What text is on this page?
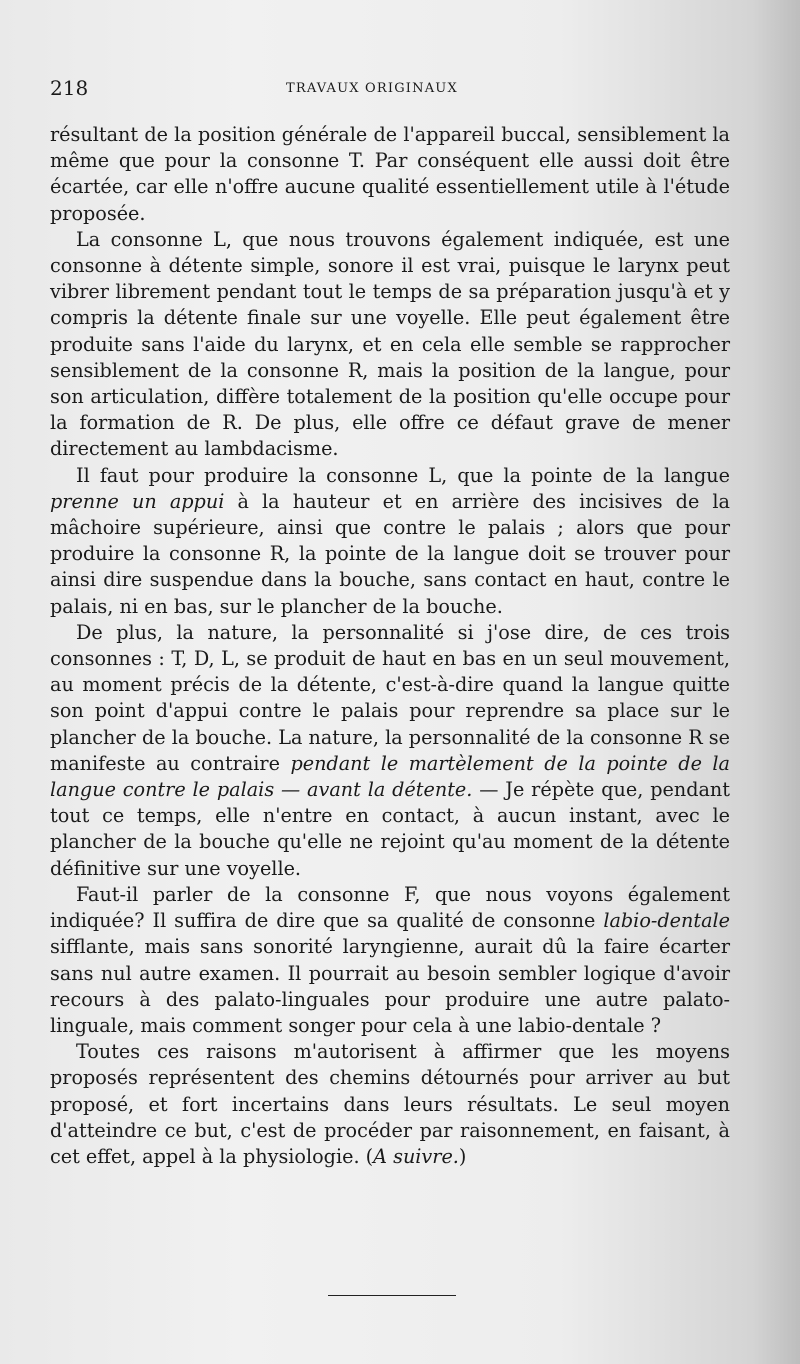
218	TRAVAUX ORIGINAUX

résultant de la position générale de l'appareil buccal, sensiblement la même que pour la consonne T. Par conséquent elle aussi doit être écartée, car elle n'offre aucune qualité essentiellement utile à l'étude proposée.

La consonne L, que nous trouvons également indiquée, est une consonne à détente simple, sonore il est vrai, puisque le larynx peut vibrer librement pendant tout le temps de sa préparation jusqu'à et y compris la détente finale sur une voyelle. Elle peut également être produite sans l'aide du larynx, et en cela elle semble se rapprocher sensiblement de la consonne R, mais la position de la langue, pour son articulation, diffère totalement de la position qu'elle occupe pour la formation de R. De plus, elle offre ce défaut grave de mener directement au lambdacisme.

Il faut pour produire la consonne L, que la pointe de la langue prenne un appui à la hauteur et en arrière des incisives de la mâchoire supérieure, ainsi que contre le palais ; alors que pour produire la consonne R, la pointe de la langue doit se trouver pour ainsi dire suspendue dans la bouche, sans contact en haut, contre le palais, ni en bas, sur le plancher de la bouche.

De plus, la nature, la personnalité si j'ose dire, de ces trois consonnes : T, D, L, se produit de haut en bas en un seul mouvement, au moment précis de la détente, c'est-à-dire quand la langue quitte son point d'appui contre le palais pour reprendre sa place sur le plancher de la bouche. La nature, la personnalité de la consonne R se manifeste au contraire pendant le martèlement de la pointe de la langue contre le palais — avant la détente. — Je répète que, pendant tout ce temps, elle n'entre en contact, à aucun instant, avec le plancher de la bouche qu'elle ne rejoint qu'au moment de la détente définitive sur une voyelle.

Faut-il parler de la consonne F, que nous voyons également indiquée? Il suffira de dire que sa qualité de consonne labio-dentale sifflante, mais sans sonorité laryngienne, aurait dû la faire écarter sans nul autre examen. Il pourrait au besoin sembler logique d'avoir recours à des palato-linguales pour produire une autre palato-linguale, mais comment songer pour cela à une labio-dentale ?

Toutes ces raisons m'autorisent à affirmer que les moyens proposés représentent des chemins détournés pour arriver au but proposé, et fort incertains dans leurs résultats. Le seul moyen d'atteindre ce but, c'est de procéder par raisonnement, en faisant, à cet effet, appel à la physiologie. (A suivre.)
